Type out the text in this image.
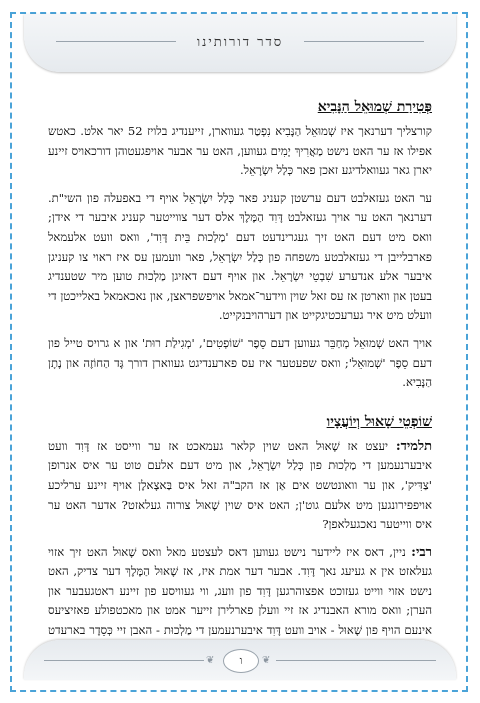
סדר דורותינו
פְּטִירַת שְׁמוּאֵל הַנָּבִיא

קורצליך דערנאך איז שְׁמוּאֵל הַנָּבִיא נִפְטַר געווארן, זייענדיג בלויז 52 יאר אלט. כאטש אפילו אז ער האט נישט מַאֲרִיךְ יָמִים געווען, האט ער אבער אויפגעטוהן דורכאויס זיינע יארן גאר געוואלדיגע זאכן פאר כְּלַל יִשְׂרָאֵל.

ער האט געזאלבט דעם ערשטן קעניג פאר כְּלַל יִשְׂרָאֵל אויף די באפעלה פון השי"ת. דערנאך האט ער אויך געזאלבט דָּוִד הַמֶּלֶךְ אלס דער צווייטער קעניג איבער די אידן; וואס מיט דעם האט זיך געגרינדעט דעם 'מַלְכוּת בֵּית דָּוִד', וואס וועט אלעמאל פארבלייבן די געזאלבטע משפחה פון כְּלַל יִשְׂרָאֵל, פאר וועמען עס איז ראוי צו קעניגן איבער אלע אנדערע שִׁבְטֵי יִשְׂרָאֵל. און אויף דעם דאזיגן מַלְכוּת טוען מיר שטענדיג בעטן און ווארטן אז עס זאל שוין ווידער־אמאל אויפשפראצן, און נאכאמאל באלייכטן די וועלט מיט איר גערעכטיגקייט און דערהויבנקייט.

אויך האט שְׁמוּאֵל מְחַבֵּר געווען דעם סֵפֶר 'שׁוֹפְטִים', 'מְגִילַת רוּת' און א גרויס טייל פון דעם סֵפֶר 'שְׁמוּאֵל'; וואס שפעטער איז עס פארענדיגט געווארן דורך גָּד הַחוֹזֶה און נָתָן הַנָּבִיא.

שׁוֹפְטֵי שָׁאוּל וְיוֹעֲצָיו

תלמיד: יעצט אז שָׁאוּל האט שוין קלאר געמאכט אז ער ווייסט אז דָּוִד וועט איבערנעמען די מַלְכוּת פון כְּלַל יִשְׂרָאֵל, און מיט דעם אלעם טוט ער איס אנרופן 'צַדִּיק', און ער וואונטשט אים אַן אז הקב"ה זאל איס בַּאצָאלֶן אויף זיינע ערליכע אויפפירונגען מיט אלעם גוט'ן; האט איס שוין שָׁאוּל צורוה געלאזט? אדער האט ער איס ווייטער נאכגעלאפן?

רבי: ניין, דאס איז ליידער נישט געווען דאס לעצטע מאל וואס שָׁאוּל האט זיך אזוי געלאזט אין א געיעג נאך דָּוִד. אבער דער אמת איז, אז שָׁאוּל הַמֶּלֶךְ דער צדיק, האט נישט אזוי ווייט געזוכט אפצוהרגען דָּוִד פון וועג, ווי געוויסע פון זיינע ראטגעבער און הערן; וואס מורא האבנדיג אז זיי וועלן פארלירן זייער אמט און מאכטפולע פאזיציעס אינעם הויף פון שָׁאוּל - אויב וועט דָּוִד איבערנעמען די מַלְכוּת - האבן זיי כְּסֵדֶר בארעדט

❦	ו	❦
